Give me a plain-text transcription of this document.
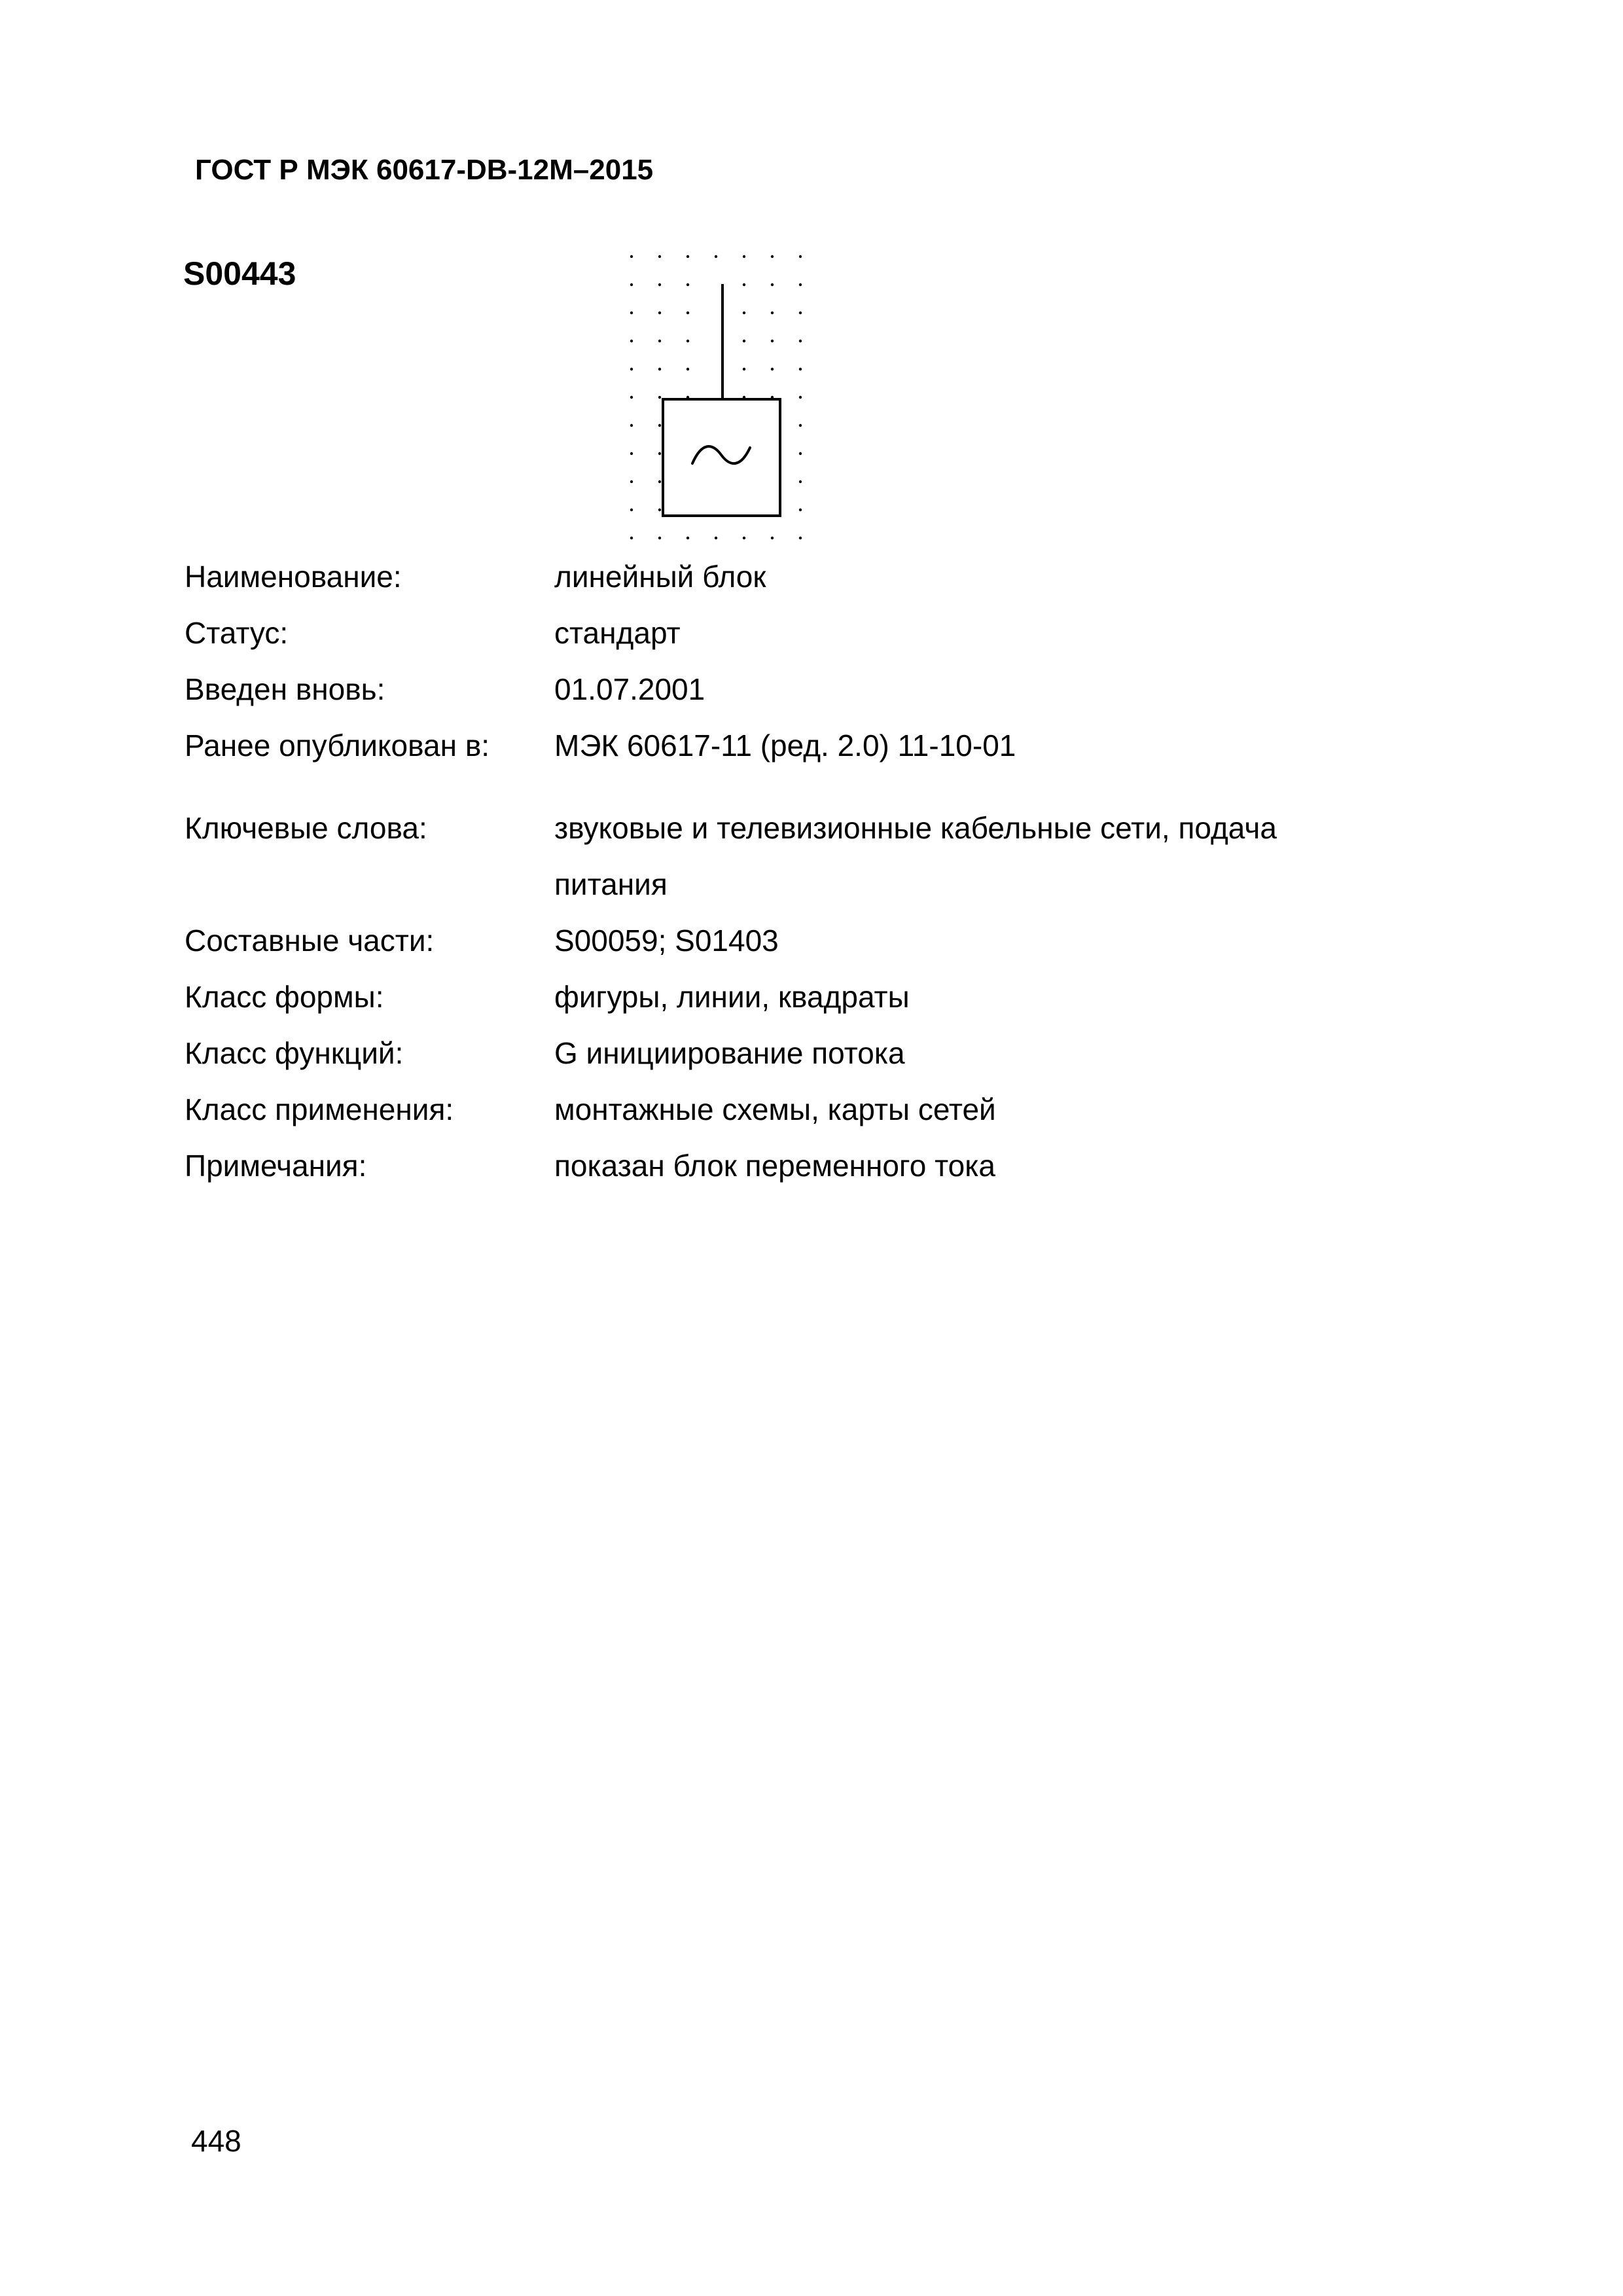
ГОСТ Р МЭК 60617-DB-12M–2015
S00443
Наименование:	линейный блок
Статус:	стандарт
Введен вновь:	01.07.2001
Ранее опубликован в: МЭК 60617-11 (ред. 2.0) 11-10-01
Ключевые слова:	звуковые и телевизионные кабельные сети, подача
питания
Составные части:	S00059; S01403
Класс формы:	фигуры, линии, квадраты
Класс функций:	G инициирование потока
Класс применения:	монтажные схемы, карты сетей
Примечания:	показан блок переменного тока
448
